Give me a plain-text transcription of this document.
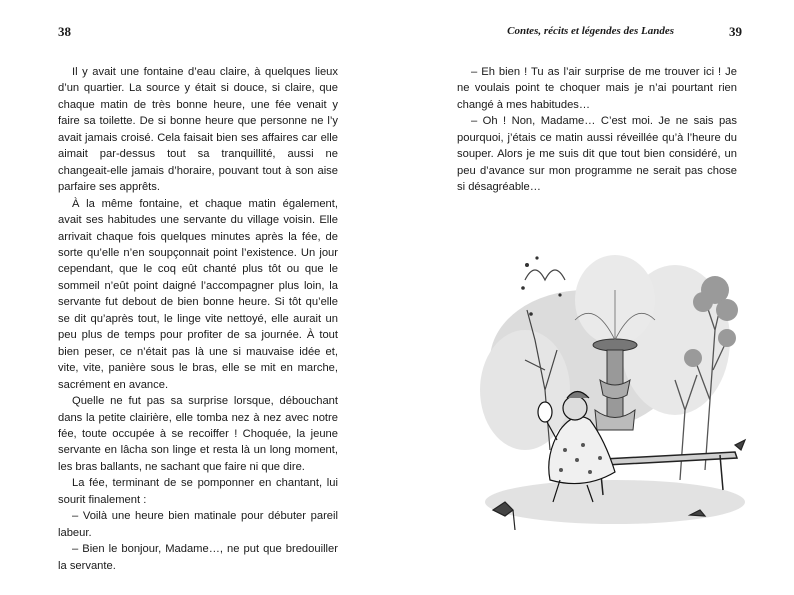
38

Il y avait une fontaine d’eau claire, à quelques lieux d’un quartier. La source y était si douce, si claire, que chaque matin de très bonne heure, une fée venait y faire sa toilette. De si bonne heure que personne ne l’y avait jamais croisé. Cela faisait bien ses affaires car elle aimait par-dessus tout sa tranquillité, aussi ne changeait-elle jamais d’horaire, pouvant tout à son aise parfaire ses apprêts.

À la même fontaine, et chaque matin également, avait ses habitudes une servante du village voisin. Elle arrivait chaque fois quelques minutes après la fée, de sorte qu’elle n’en soupçonnait point l’existence. Un jour cependant, que le coq eût chanté plus tôt ou que le sommeil n’eût point daigné l’accompagner plus loin, la servante fut debout de bien bonne heure. Si tôt qu’elle se dit qu’après tout, le linge vite nettoyé, elle aurait un peu plus de temps pour profiter de sa journée. À tout bien peser, ce n’était pas là une si mauvaise idée et, vite, vite, panière sous le bras, elle se mit en marche, sacrément en avance.

Quelle ne fut pas sa surprise lorsque, débouchant dans la petite clairière, elle tomba nez à nez avec notre fée, toute occupée à se recoiffer ! Choquée, la jeune servante en lâcha son linge et resta là un long moment, les bras ballants, ne sachant que faire ni que dire.

La fée, terminant de se pomponner en chantant, lui sourit finalement :

– Voilà une heure bien matinale pour débuter pareil labeur.

– Bien le bonjour, Madame…, ne put que bredouiller la servante.

Contes, récits et légendes des Landes	39

– Eh bien ! Tu as l’air surprise de me trouver ici ! Je ne voulais point te choquer mais je n’ai pourtant rien changé à mes habitudes…

– Oh ! Non, Madame… C’est moi. Je ne sais pas pourquoi, j’étais ce matin aussi réveillée qu’à l’heure du souper. Alors je me suis dit que tout bien considéré, un peu d’avance sur mon programme ne serait pas chose si désagréable…
